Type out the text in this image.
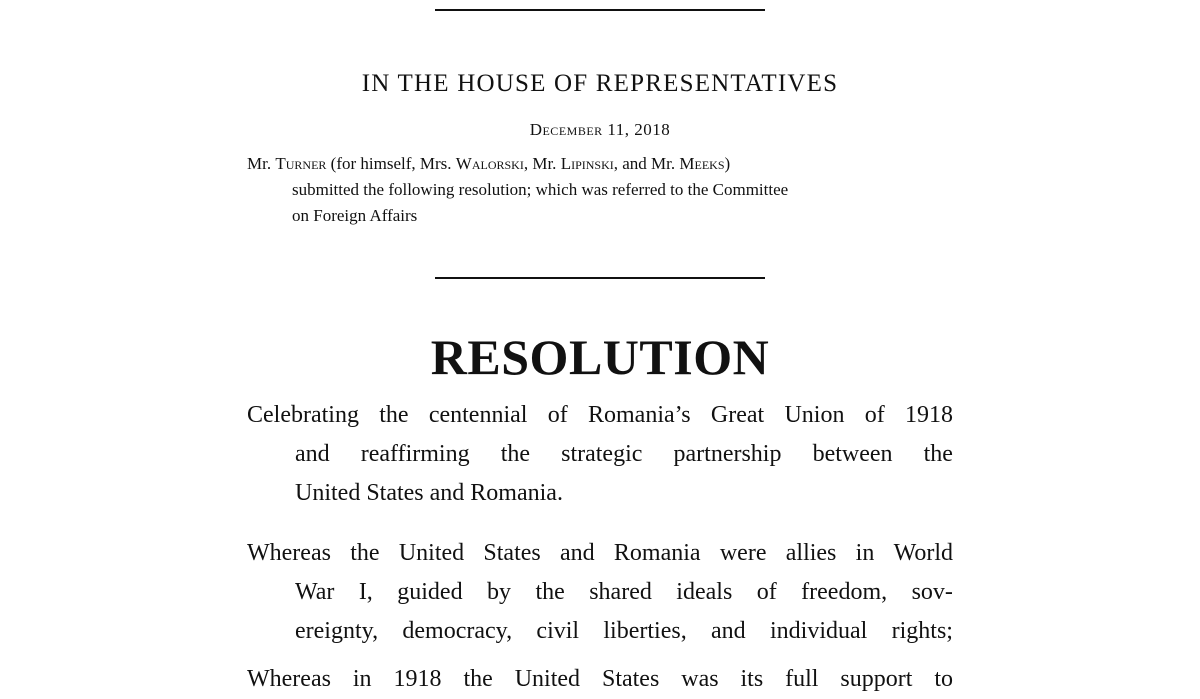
IN THE HOUSE OF REPRESENTATIVES
December 11, 2018
Mr. Turner (for himself, Mrs. Walorski, Mr. Lipinski, and Mr. Meeks)
submitted the following resolution; which was referred to the Committee
on Foreign Affairs
RESOLUTION
Celebrating the centennial of Romania’s Great Union of 1918
and reaffirming the strategic partnership between the
United States and Romania.
Whereas the United States and Romania were allies in World
War I, guided by the shared ideals of freedom, sov-
ereignty, democracy, civil liberties, and individual rights;
Whereas in 1918 the United States was its full support to
